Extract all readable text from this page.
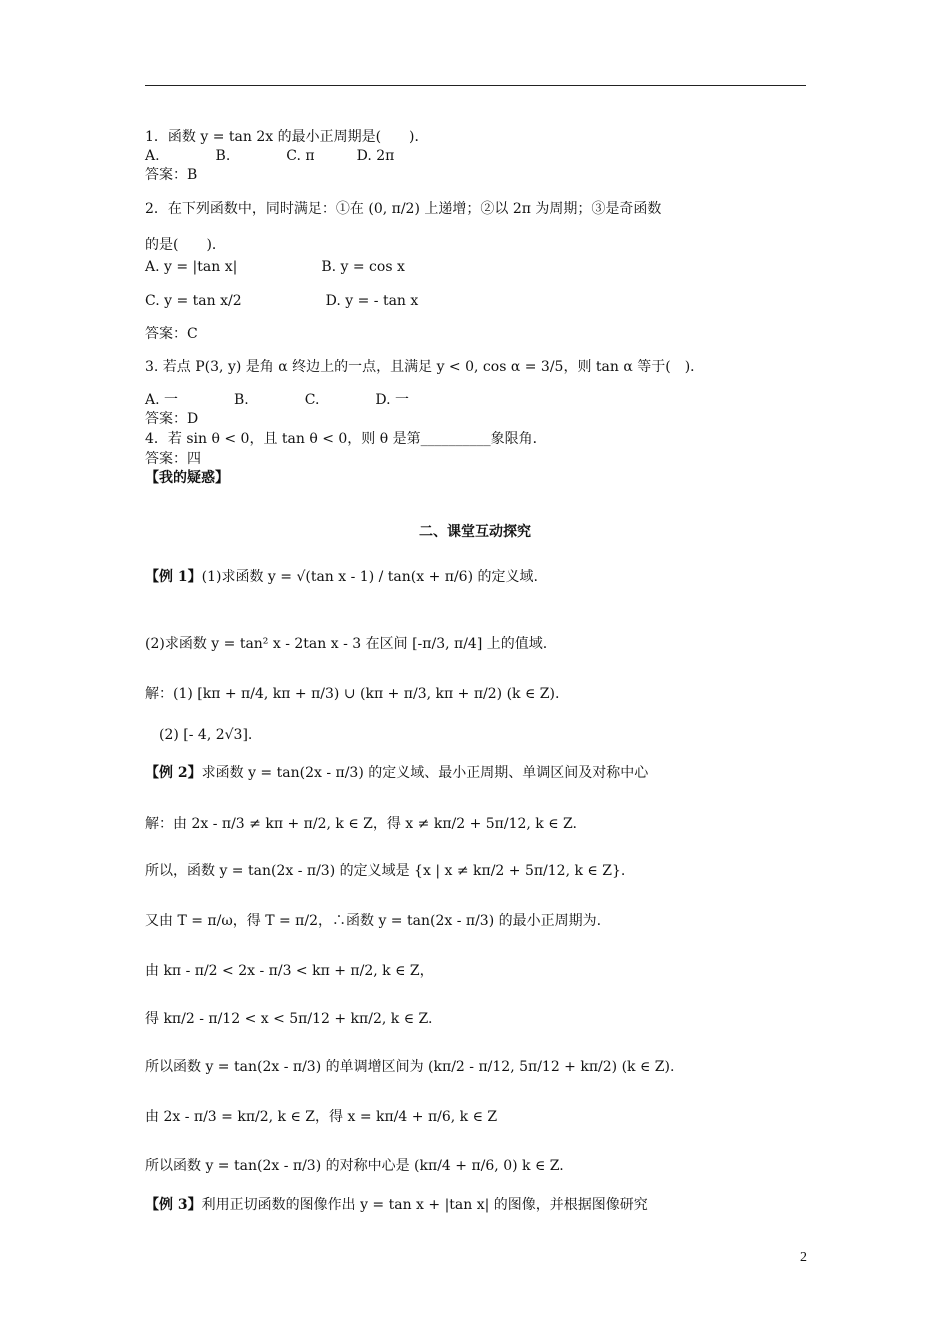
1．函数 y = tan 2x 的最小正周期是(　　)．
A.　　　　B.　　　　C. π　　　D. 2π
答案：B
2．在下列函数中，同时满足：①在 (0, π/2) 上递增；②以 2π 为周期；③是奇函数
的是(　　)．
A. y = |tan x|　　　　　　B. y = cos x
C. y = tan x/2　　　　　　D. y = - tan x
答案：C
3. 若点 P(3, y) 是角 α 终边上的一点，且满足 y < 0, cos α = 3/5，则 tan α 等于(　)．
A. 一　　　　B.　　　　C.　　　　D. 一
答案：D
4．若 sin θ < 0，且 tan θ < 0，则 θ 是第__________象限角．
答案：四
【我的疑惑】
二、课堂互动探究
【例 1】(1)求函数 y = √(tan x - 1) / tan(x + π/6) 的定义域.
(2)求函数 y = tan² x - 2tan x - 3 在区间 [-π/3, π/4] 上的值域.
解：(1) [kπ + π/4, kπ + π/3) ∪ (kπ + π/3, kπ + π/2) (k ∈ Z).
　(2) [- 4, 2√3].
【例 2】求函数 y = tan(2x - π/3) 的定义域、最小正周期、单调区间及对称中心
解：由 2x - π/3 ≠ kπ + π/2, k ∈ Z，得 x ≠ kπ/2 + 5π/12, k ∈ Z.
所以，函数 y = tan(2x - π/3) 的定义域是 {x | x ≠ kπ/2 + 5π/12, k ∈ Z}.
又由 T = π/ω，得 T = π/2，∴函数 y = tan(2x - π/3) 的最小正周期为.
由 kπ - π/2 < 2x - π/3 < kπ + π/2, k ∈ Z，
得 kπ/2 - π/12 < x < 5π/12 + kπ/2, k ∈ Z.
所以函数 y = tan(2x - π/3) 的单调增区间为 (kπ/2 - π/12, 5π/12 + kπ/2) (k ∈ Z).
由 2x - π/3 = kπ/2, k ∈ Z，得 x = kπ/4 + π/6, k ∈ Z
所以函数 y = tan(2x - π/3) 的对称中心是 (kπ/4 + π/6, 0) k ∈ Z.
【例 3】利用正切函数的图像作出 y = tan x + |tan x| 的图像，并根据图像研究
2
